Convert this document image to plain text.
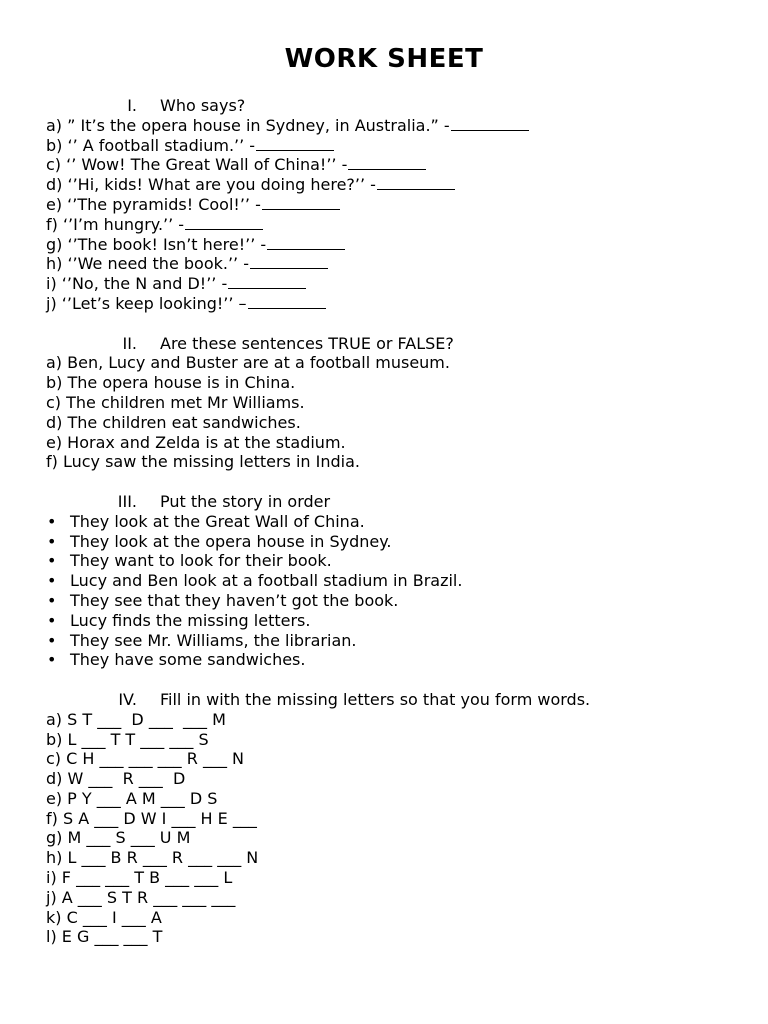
WORK SHEET
I. Who says?
a) ” It’s the opera house in Sydney, in Australia.” -
b) ‘’ A football stadium.’’ -
c) ‘’ Wow! The Great Wall of China!’’ -
d) ‘’Hi, kids! What are you doing here?’’ -
e) ‘’The pyramids! Cool!’’ -
f) ‘’I’m hungry.’’ -
g) ‘’The book! Isn’t here!’’ -
h) ‘’We need the book.’’ -
i) ‘’No, the N and D!’’ -
j) ‘’Let’s keep looking!’’ –
II. Are these sentences TRUE or FALSE?
a) Ben, Lucy and Buster are at a football museum.
b) The opera house is in China.
c) The children met Mr Williams.
d) The children eat sandwiches.
e) Horax and Zelda is at the stadium.
f) Lucy saw the missing letters in India.
III. Put the story in order
• They look at the Great Wall of China.
• They look at the opera house in Sydney.
• They want to look for their book.
• Lucy and Ben look at a football stadium in Brazil.
• They see that they haven’t got the book.
• Lucy finds the missing letters.
• They see Mr. Williams, the librarian.
• They have some sandwiches.
IV. Fill in with the missing letters so that you form words.
a) S T ___  D ___  ___ M
b) L ___ T T ___ ___ S
c) C H ___ ___ ___ R ___ N
d) W ___  R ___  D
e) P Y ___ A M ___ D S
f) S A ___ D W I ___ H E ___
g) M ___ S ___ U M
h) L ___ B R ___ R ___ ___ N
i) F ___ ___ T B ___ ___ L
j) A ___ S T R ___ ___ ___
k) C ___ I ___ A
l) E G ___ ___ T
